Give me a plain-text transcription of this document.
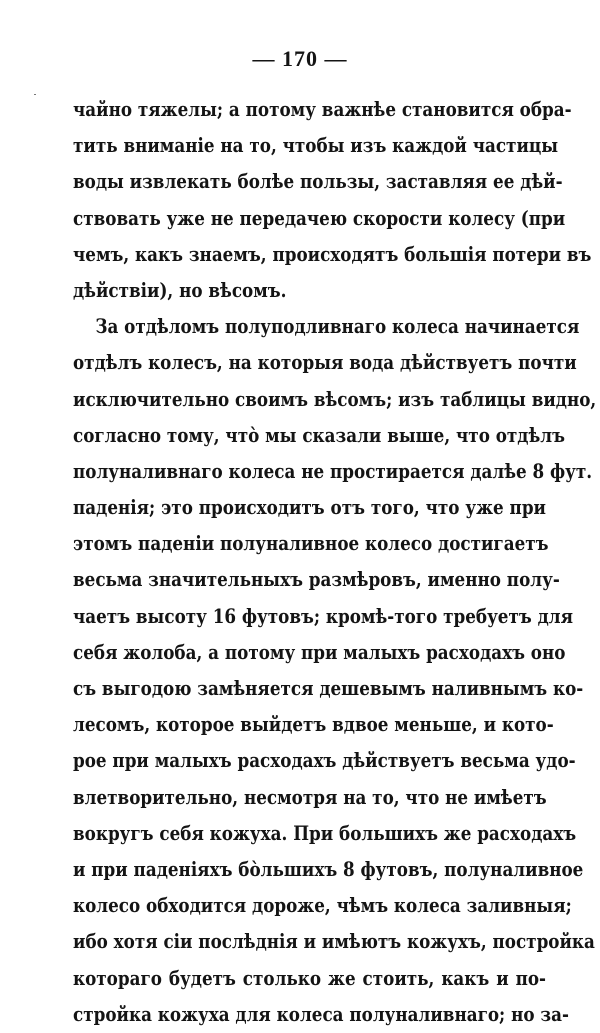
— 170 —
чайно тяжелы; а потому важнѣе становится обра-
тить вниманіе на то, чтобы изъ каждой частицы
воды извлекать болѣе пользы, заставляя ее дѣй-
ствовать уже не передачею скорости колесу (при
чемъ, какъ знаемъ, происходятъ большія потери въ
дѣйствіи), но вѣсомъ.
За отдѣломъ полуподливнаго колеса начинается
отдѣлъ колесъ, на которыя вода дѣйствуетъ почти
исключительно своимъ вѣсомъ; изъ таблицы видно,
согласно тому, что̀ мы сказали выше, что отдѣлъ
полуналивнаго колеса не простирается далѣе 8 фут.
паденія; это происходитъ отъ того, что уже при
этомъ паденіи полуналивное колесо достигаетъ
весьма значительныхъ размѣровъ, именно полу-
чаетъ высоту 16 футовъ; кромѣ-того требуетъ для
себя жолоба, а потому при малыхъ расходахъ оно
съ выгодою замѣняется дешевымъ наливнымъ ко-
лесомъ, которое выйдетъ вдвое меньше, и кото-
рое при малыхъ расходахъ дѣйствуетъ весьма удо-
влетворительно, несмотря на то, что не имѣетъ
вокругъ себя кожуха. При большихъ же расходахъ
и при паденіяхъ бо̀льшихъ 8 футовъ, полуналивное
колесо обходится дороже, чѣмъ колеса заливныя;
ибо хотя сіи послѣднія и имѣютъ кожухъ, постройка
котораго будетъ столько же стоить, какъ и по-
стройка кожуха для колеса полуналивнаго; но за-
